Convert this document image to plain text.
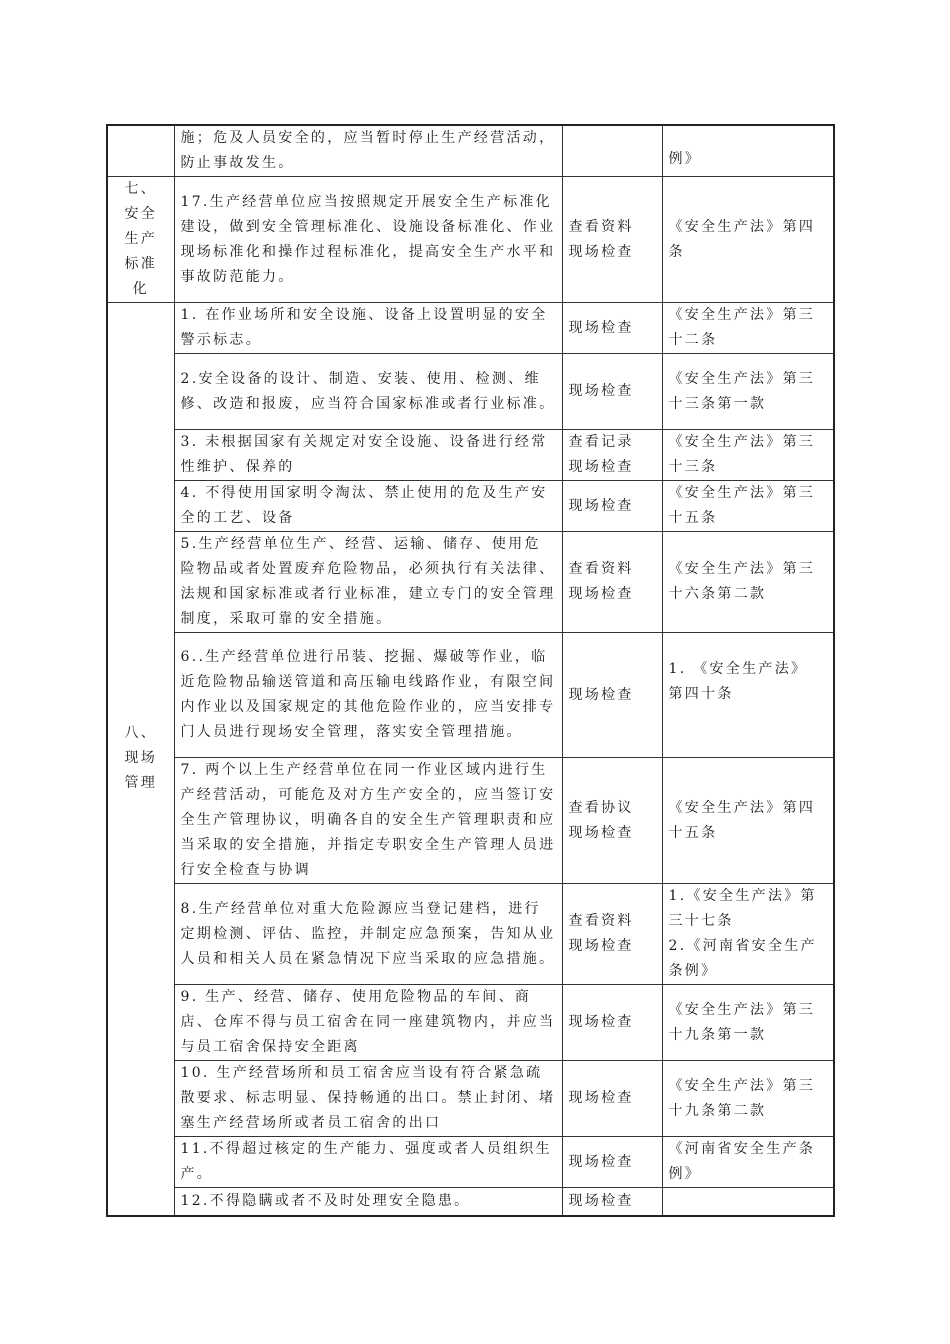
	施；危及人员安全的，应当暂时停止生产经营活动，防止事故发生。		例》
七、
安全
生产
标准
化	17.生产经营单位应当按照规定开展安全生产标准化建设，做到安全管理标准化、设施设备标准化、作业现场标准化和操作过程标准化，提高安全生产水平和事故防范能力。	查看资料
现场检查	《安全生产法》第四条
八、
现场
管理	1. 在作业场所和安全设施、设备上设置明显的安全警示标志。	现场检查	《安全生产法》第三十二条
	2.安全设备的设计、制造、安装、使用、检测、维修、改造和报废，应当符合国家标准或者行业标准。	现场检查	《安全生产法》第三十三条第一款
	3. 未根据国家有关规定对安全设施、设备进行经常性维护、保养的	查看记录
现场检查	《安全生产法》第三十三条
	4. 不得使用国家明令淘汰、禁止使用的危及生产安全的工艺、设备	现场检查	《安全生产法》第三十五条
	5.生产经营单位生产、经营、运输、储存、使用危险物品或者处置废弃危险物品，必须执行有关法律、法规和国家标准或者行业标准，建立专门的安全管理制度，采取可靠的安全措施。	查看资料
现场检查	《安全生产法》第三十六条第二款
	6..生产经营单位进行吊装、挖掘、爆破等作业，临近危险物品输送管道和高压输电线路作业，有限空间内作业以及国家规定的其他危险作业的，应当安排专门人员进行现场安全管理，落实安全管理措施。	现场检查	1. 《安全生产法》
第四十条
	7. 两个以上生产经营单位在同一作业区域内进行生产经营活动，可能危及对方生产安全的，应当签订安全生产管理协议，明确各自的安全生产管理职责和应当采取的安全措施，并指定专职安全生产管理人员进行安全检查与协调	查看协议
现场检查	《安全生产法》第四十五条
	8.生产经营单位对重大危险源应当登记建档，进行定期检测、评估、监控，并制定应急预案，告知从业人员和相关人员在紧急情况下应当采取的应急措施。	查看资料
现场检查	1.《安全生产法》第三十七条
2.《河南省安全生产条例》
	9. 生产、经营、储存、使用危险物品的车间、商店、仓库不得与员工宿舍在同一座建筑物内，并应当与员工宿舍保持安全距离	现场检查	《安全生产法》第三十九条第一款
	10. 生产经营场所和员工宿舍应当设有符合紧急疏散要求、标志明显、保持畅通的出口。禁止封闭、堵塞生产经营场所或者员工宿舍的出口	现场检查	《安全生产法》第三十九条第二款
	11.不得超过核定的生产能力、强度或者人员组织生产。	现场检查	《河南省安全生产条例》
	12.不得隐瞒或者不及时处理安全隐患。	现场检查	
